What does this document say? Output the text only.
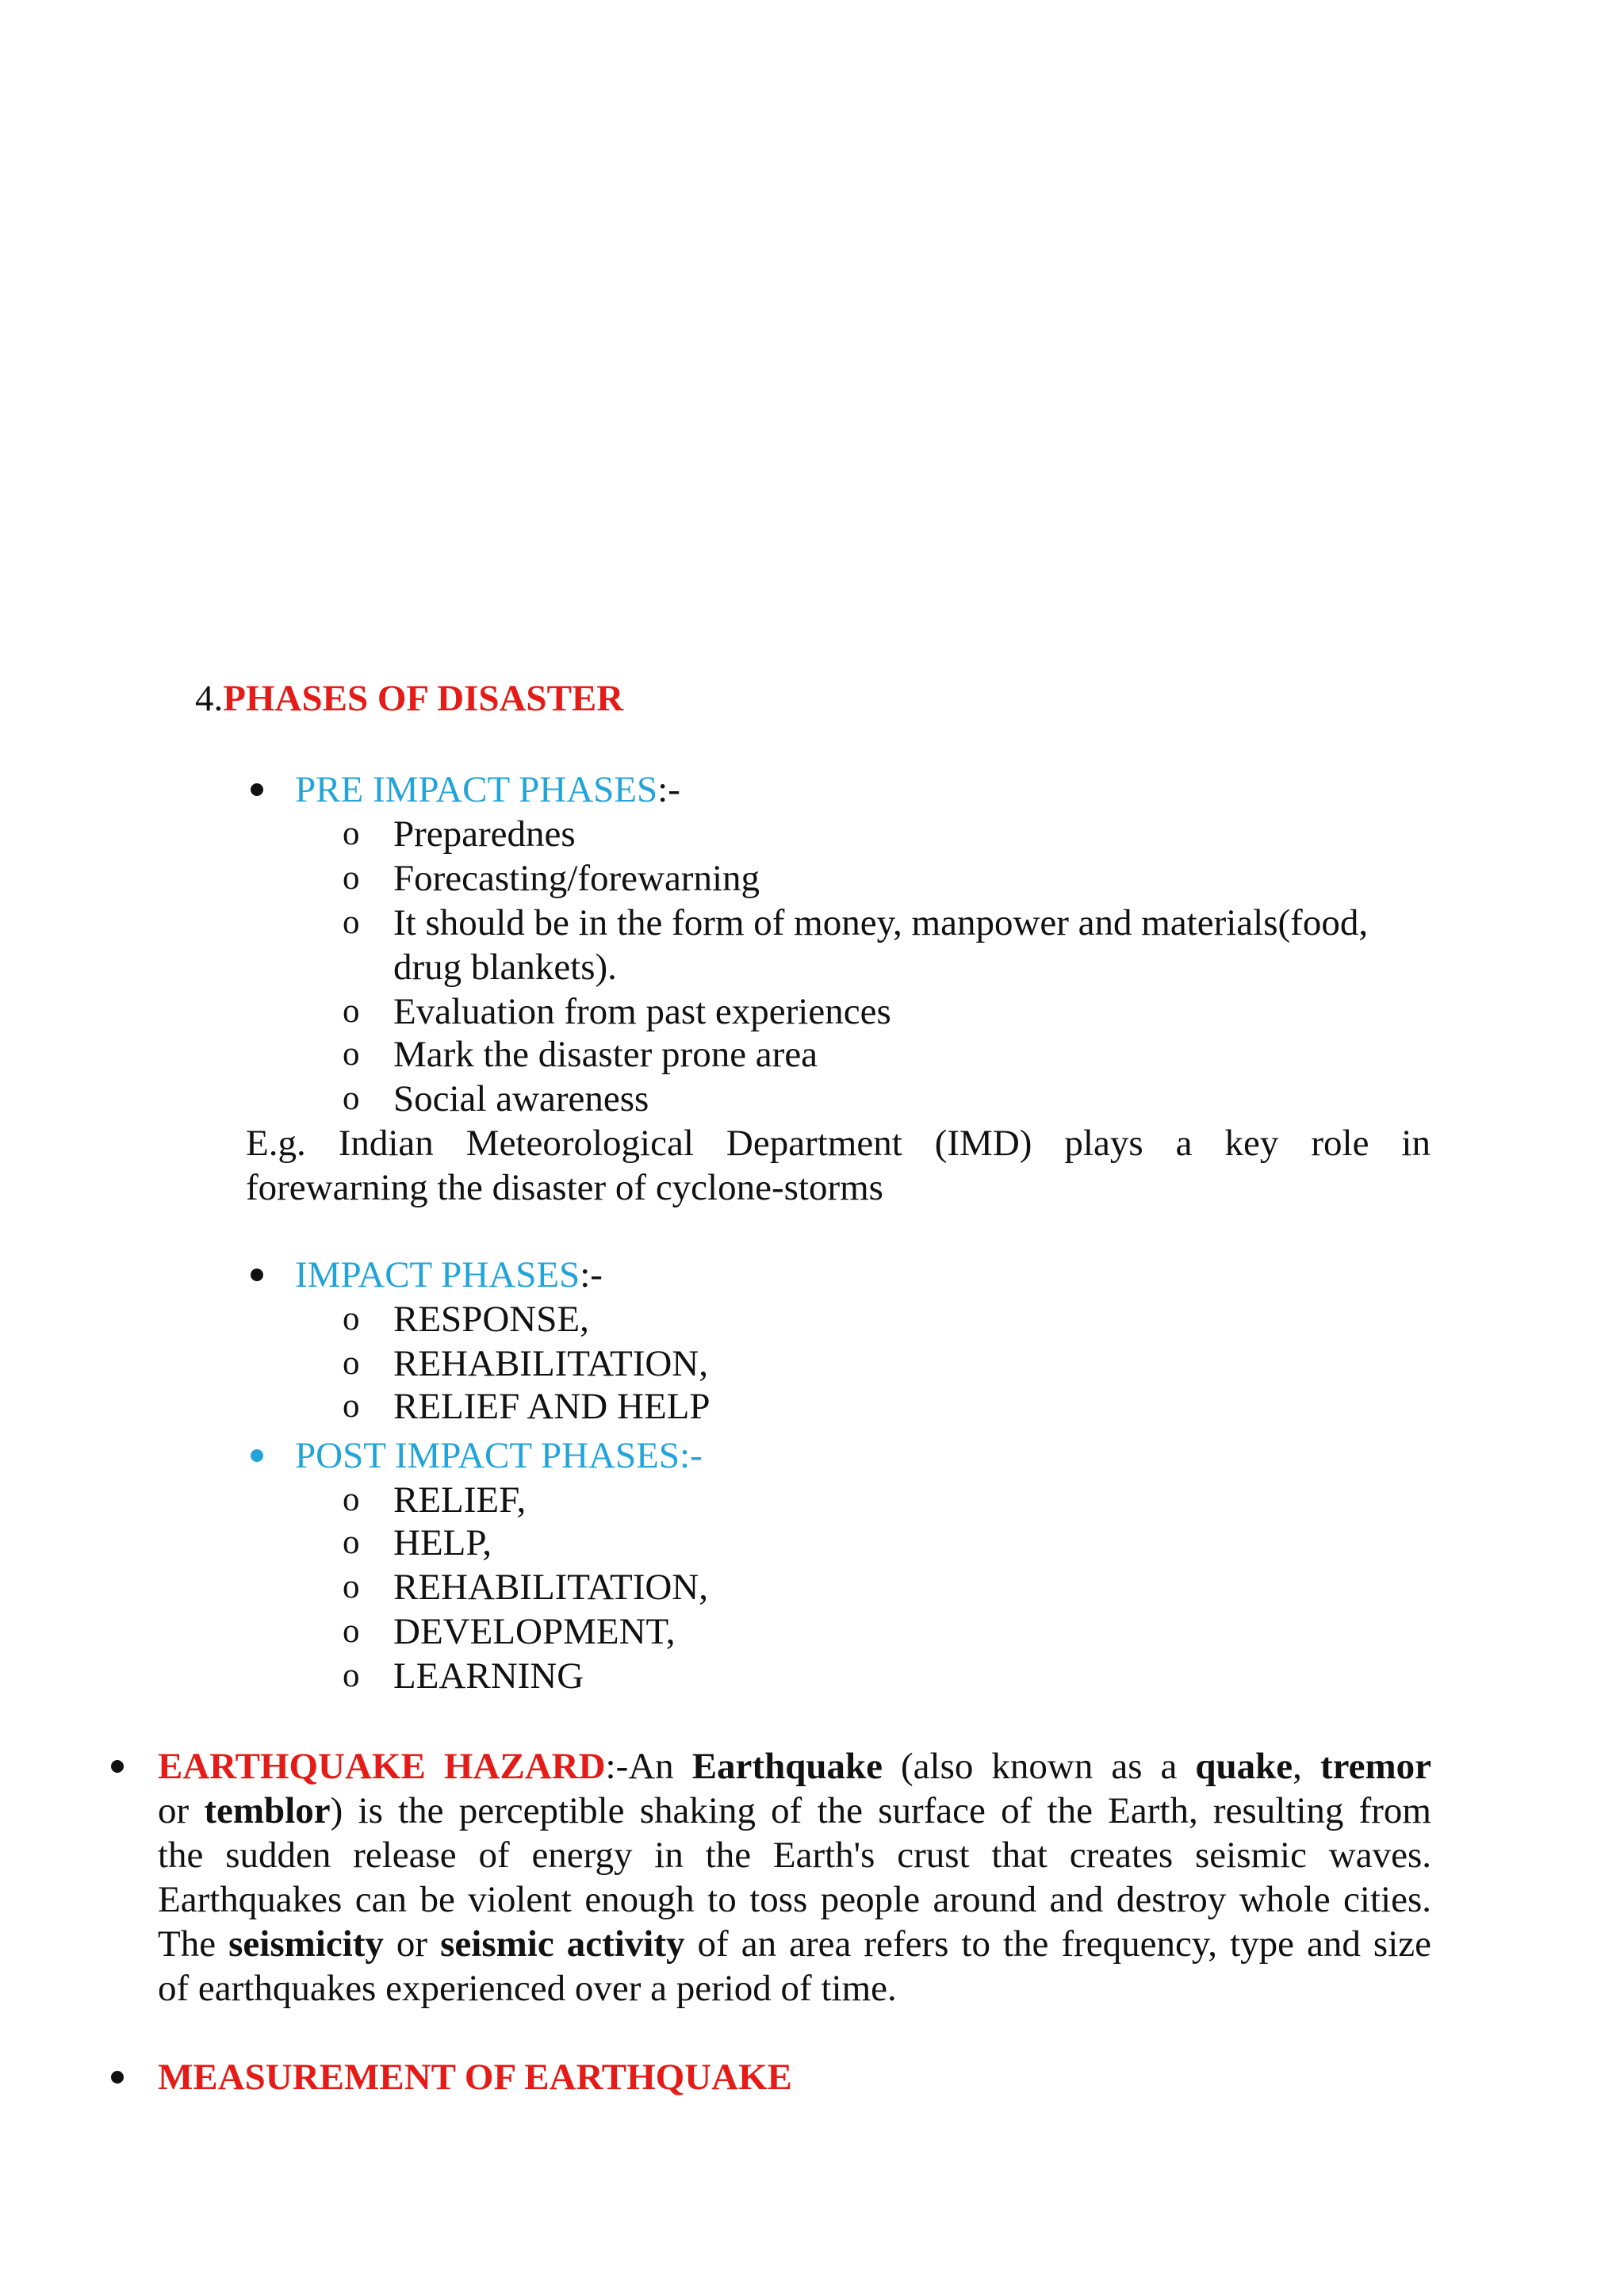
4.PHASES OF DISASTER
PRE IMPACT PHASES:-
o Preparednes
o Forecasting/forewarning
o It should be in the form of money, manpower and materials(food,
drug blankets).
o Evaluation from past experiences
o Mark the disaster prone area
o Social awareness
E.g. Indian Meteorological Department (IMD) plays a key role in
forewarning the disaster of cyclone-storms
IMPACT PHASES:-
o RESPONSE,
o REHABILITATION,
o RELIEF AND HELP
POST IMPACT PHASES:-
o RELIEF,
o HELP,
o REHABILITATION,
o DEVELOPMENT,
o LEARNING
EARTHQUAKE HAZARD:-An Earthquake (also known as a quake, tremor
or temblor) is the perceptible shaking of the surface of the Earth, resulting from
the sudden release of energy in the Earth's crust that creates seismic waves.
Earthquakes can be violent enough to toss people around and destroy whole cities.
The seismicity or seismic activity of an area refers to the frequency, type and size
of earthquakes experienced over a period of time.
MEASUREMENT OF EARTHQUAKE
